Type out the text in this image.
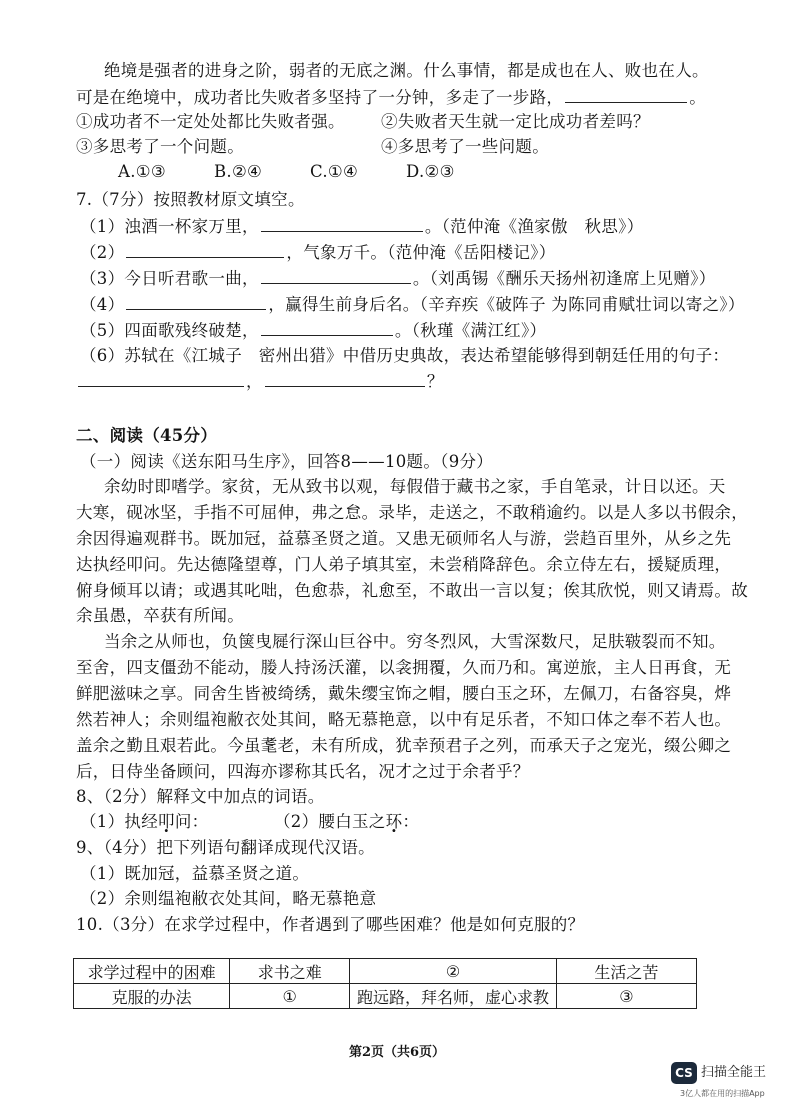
绝境是强者的进身之阶，弱者的无底之渊。什么事情，都是成也在人、败也在人。
可是在绝境中，成功者比失败者多坚持了一分钟，多走了一步路，	。
①成功者不一定处处都比失败者强。 ②失败者天生就一定比成功者差吗？
③多思考了一个问题。	④多思考了一些问题。
A.①③	B.②④	C.①④	D.②③
7.（7分）按照教材原文填空。
（1）浊酒一杯家万里，	。（范仲淹《渔家傲　秋思》）
（2）	，气象万千。（范仲淹《岳阳楼记》）
（3）今日听君歌一曲，	。（刘禹锡《酬乐天扬州初逢席上见赠》）
（4）	，赢得生前身后名。（辛弃疾《破阵子 为陈同甫赋壮词以寄之》）
（5）四面歌残终破楚，	。（秋瑾《满江红》）
（6）苏轼在《江城子　密州出猎》中借历史典故，表达希望能够得到朝廷任用的句子：
，	？
二、阅读（45分）
（一）阅读《送东阳马生序》，回答8——10题。（9分）
余幼时即嗜学。家贫，无从致书以观，每假借于藏书之家，手自笔录，计日以还。天
大寒，砚冰坚，手指不可屈伸，弗之怠。录毕，走送之，不敢稍逾约。以是人多以书假余，
余因得遍观群书。既加冠，益慕圣贤之道。又患无硕师名人与游，尝趋百里外，从乡之先
达执经叩问。先达德隆望尊，门人弟子填其室，未尝稍降辞色。余立侍左右，援疑质理，
俯身倾耳以请；或遇其叱咄，色愈恭，礼愈至，不敢出一言以复；俟其欣悦，则又请焉。故
余虽愚，卒获有所闻。
当余之从师也，负箧曳屣行深山巨谷中。穷冬烈风，大雪深数尺，足肤皲裂而不知。
至舍，四支僵劲不能动，媵人持汤沃灌，以衾拥覆，久而乃和。寓逆旅，主人日再食，无
鲜肥滋味之享。同舍生皆被绮绣，戴朱缨宝饰之帽，腰白玉之环，左佩刀，右备容臭，烨
然若神人；余则缊袍敝衣处其间，略无慕艳意，以中有足乐者，不知口体之奉不若人也。
盖余之勤且艰若此。今虽耄老，未有所成，犹幸预君子之列，而承天子之宠光，缀公卿之
后，日侍坐备顾问，四海亦谬称其氏名，况才之过于余者乎？
8、（2分）解释文中加点的词语。
（1）执经叩问：	（2）腰白玉之环：
9、（4分）把下列语句翻译成现代汉语。
（1）既加冠，益慕圣贤之道。
（2）余则缊袍敝衣处其间，略无慕艳意
10.（3分）在求学过程中，作者遇到了哪些困难？他是如何克服的？
求学过程中的困难	求书之难	②	生活之苦
克服的办法	①	跑远路，拜名师，虚心求教	③
第2页（共6页）
CS 扫描全能王
3亿人都在用的扫描App
